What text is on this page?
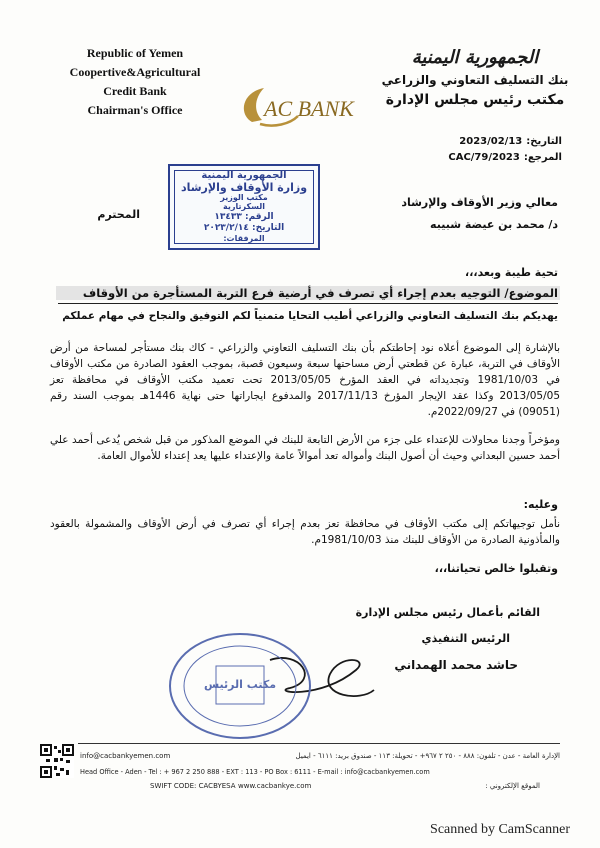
Republic of Yemen
Coopertive&Agricultural
Credit Bank
Chairman's Office	AC BANK
الجمهورية اليمنية
بنك التسليف التعاوني والزراعي
مكتب رئيس مجلس الإدارة
التاريخ:2023/02/13
المرجع:CAC/79/2023
الجمهورية اليمنية
وزارة الأوقاف والإرشاد
مكتب الوزير
السكرتارية
الرقم: ١٣٤٣٣
التاريخ: ٢٠٢٣/٢/١٤
المرفقات:
معالي وزير الأوقاف والإرشاد
د/ محمد بن عيضة شبيبه
المحترم
تحية طيبة وبعد،،،
الموضوع/ التوجيه بعدم إجراء أي تصرف في أرضية فرع التربة المستأجرة من الأوقاف
يهديكم بنك التسليف التعاوني والزراعي أطيب التحايا متمنياً لكم التوفيق والنجاح في مهام عملكم
بالإشارة إلى الموضوع أعلاه نود إحاطتكم بأن بنك التسليف التعاوني والزراعي - كاك بنك مستأجر لمساحة من أرض الأوقاف في التربة، عبارة عن قطعتي أرض مساحتها سبعة وسيعون قصبة، بموجب العقود الصادرة من مكتب الأوقاف في 1981/10/03 وتجديداته في العقد المؤرخ 2013/05/05 تحت تعميد مكتب الأوقاف في محافظة تعز 2013/05/05 وكذا عقد الإيجار المؤرخ 2017/11/13 والمدفوع ايجاراتها حتى نهاية 1446هـ بموجب السند رقم (09051) في 2022/09/27م.
ومؤخراً وجدنا محاولات للإعتداء على جزء من الأرض التابعة للبنك في الموضع المذكور من قبل شخص يُدعى أحمد علي أحمد حسين البعداني وحيث أن أصول البنك وأمواله تعد أموالاً عامة والإعتداء عليها يعد إعتداء للأموال العامة.
وعليه:
نأمل توجيهاتكم إلى مكتب الأوقاف في محافظة تعز بعدم إجراء أي تصرف في أرض الأوقاف والمشمولة بالعقود والمأذونية الصادرة من الأوقاف للبنك منذ 1981/10/03م.
وتقبلوا خالص تحياتنا،،،
القائم بأعمال رئيس مجلس الإدارة
الرئيس التنفيذي
حاشد محمد الهمداني
مكتب الرئيس
info@cacbankyemen.com	الإدارة العامة - عدن - تلفون: ٨٨٨ - ٢٥٠ ٢ ٩٦٧+ - تحويلة: ١١٣ - صندوق بريد: ٦١١١ - ايميل
Head Office - Aden - Tel : + 967 2 250 888 - EXT : 113 - PO Box : 6111 - E-mail : info@cacbankyemen.com
SWIFT CODE: CACBYESA www.cacbankye.com	الموقع الإلكتروني :
Scanned by CamScanner
